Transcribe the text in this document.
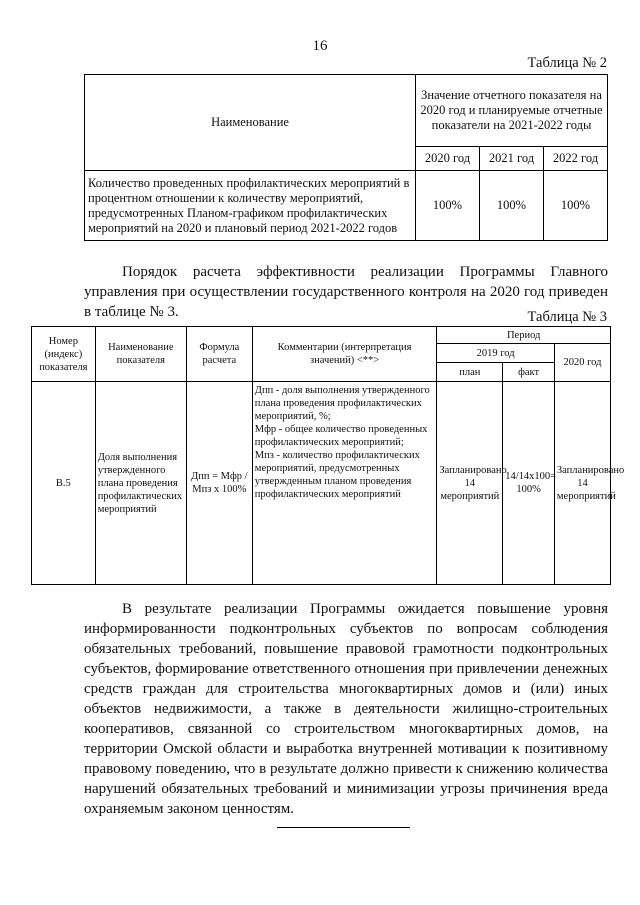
16
Таблица № 2
Наименование	Значение отчетного показателя на 2020 год и планируемые отчетные показатели на 2021-2022 годы		
	2020 год	2021 год	2022 год
Количество проведенных профилактических мероприятий в процентном отношении к количеству мероприятий, предусмотренных Планом-графиком профилактических мероприятий на 2020 и плановый период 2021-2022 годов	100%	100%	100%
Порядок расчета эффективности реализации Программы Главного управления при осуществлении государственного контроля на 2020 год приведен в таблице № 3.	Таблица № 3
Номер (индекс) показателя	Наименование показателя	Формула расчета	Комментарии (интерпретация значений) <**>	Период		
				2019 год		2020 год
				план	факт	
В.5	Доля выполнения утвержденного плана проведения профилактических мероприятий	Дпп = Мфр / Мпз х 100%	Дпп - доля выполнения утвержденного плана проведения профилактических мероприятий, %;
Мфр - общее количество проведенных профилактических мероприятий;
Мпз - количество профилактических мероприятий, предусмотренных утвержденным планом проведения профилактических мероприятий	Запланировано 14 мероприятий	14/14х100= 100%	Запланировано 14 мероприятий
В результате реализации Программы ожидается повышение уровня информированности подконтрольных субъектов по вопросам соблюдения обязательных требований, повышение правовой грамотности подконтрольных субъектов, формирование ответственного отношения при привлечении денежных средств граждан для строительства многоквартирных домов и (или) иных объектов недвижимости, а также в деятельности жилищно-строительных кооперативов, связанной со строительством многоквартирных домов, на территории Омской области и выработка внутренней мотивации к позитивному правовому поведению, что в результате должно привести к снижению количества нарушений обязательных требований и минимизации угрозы причинения вреда охраняемым законом ценностям.
